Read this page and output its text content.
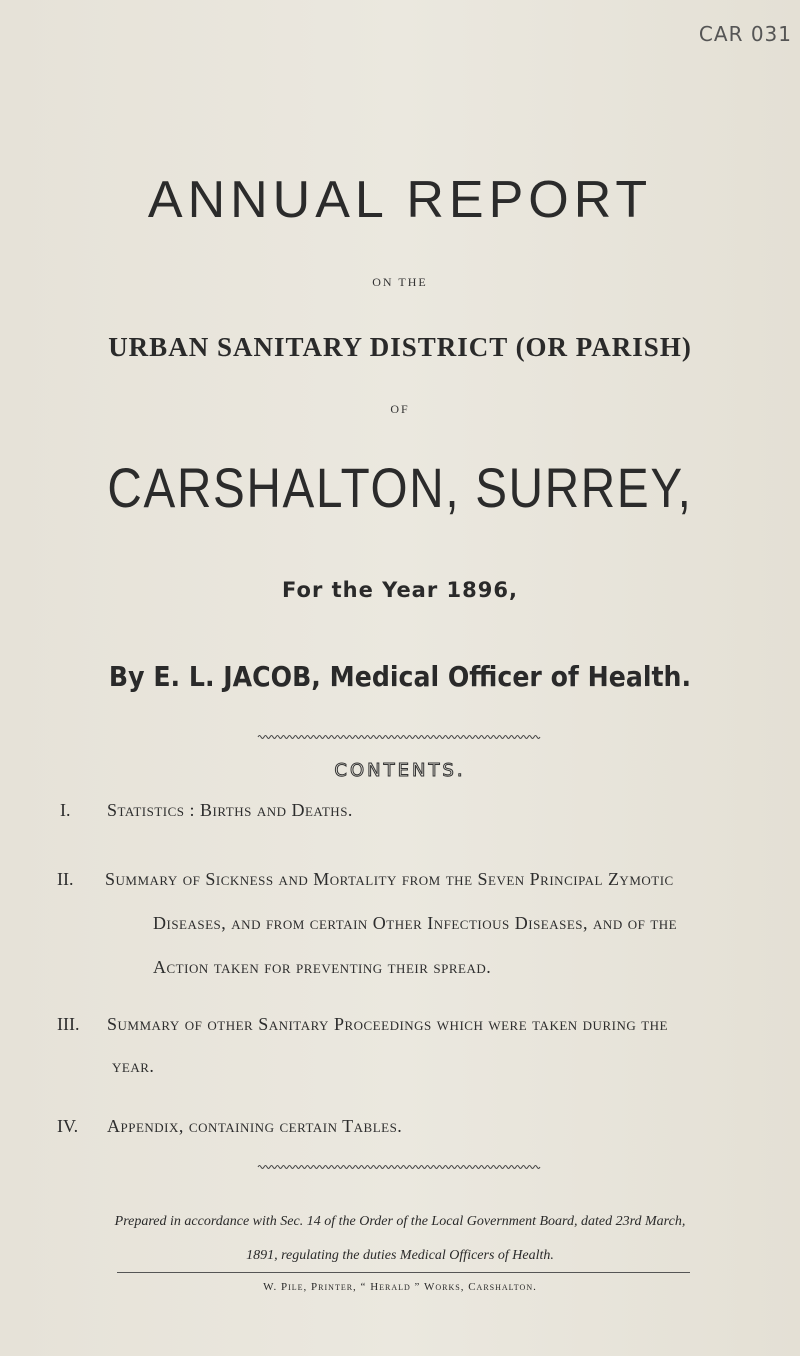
CAR 031
ANNUAL REPORT
ON THE
URBAN SANITARY DISTRICT (OR PARISH)
OF
CARSHALTON, SURREY,
For the Year 1896,
By E. L. JACOB, Medical Officer of Health.
CONTENTS.
I. Statistics : Births and Deaths.
II. Summary of Sickness and Mortality from the Seven Principal Zymotic
Diseases, and from certain Other Infectious Diseases, and of the
Action taken for preventing their spread.
III. Summary of other Sanitary Proceedings which were taken during the
year.
IV. Appendix, containing certain Tables.
Prepared in accordance with Sec. 14 of the Order of the Local Government Board, dated 23rd March,
1891, regulating the duties Medical Officers of Health.
W. Pile, Printer, “ Herald ” Works, Carshalton.
